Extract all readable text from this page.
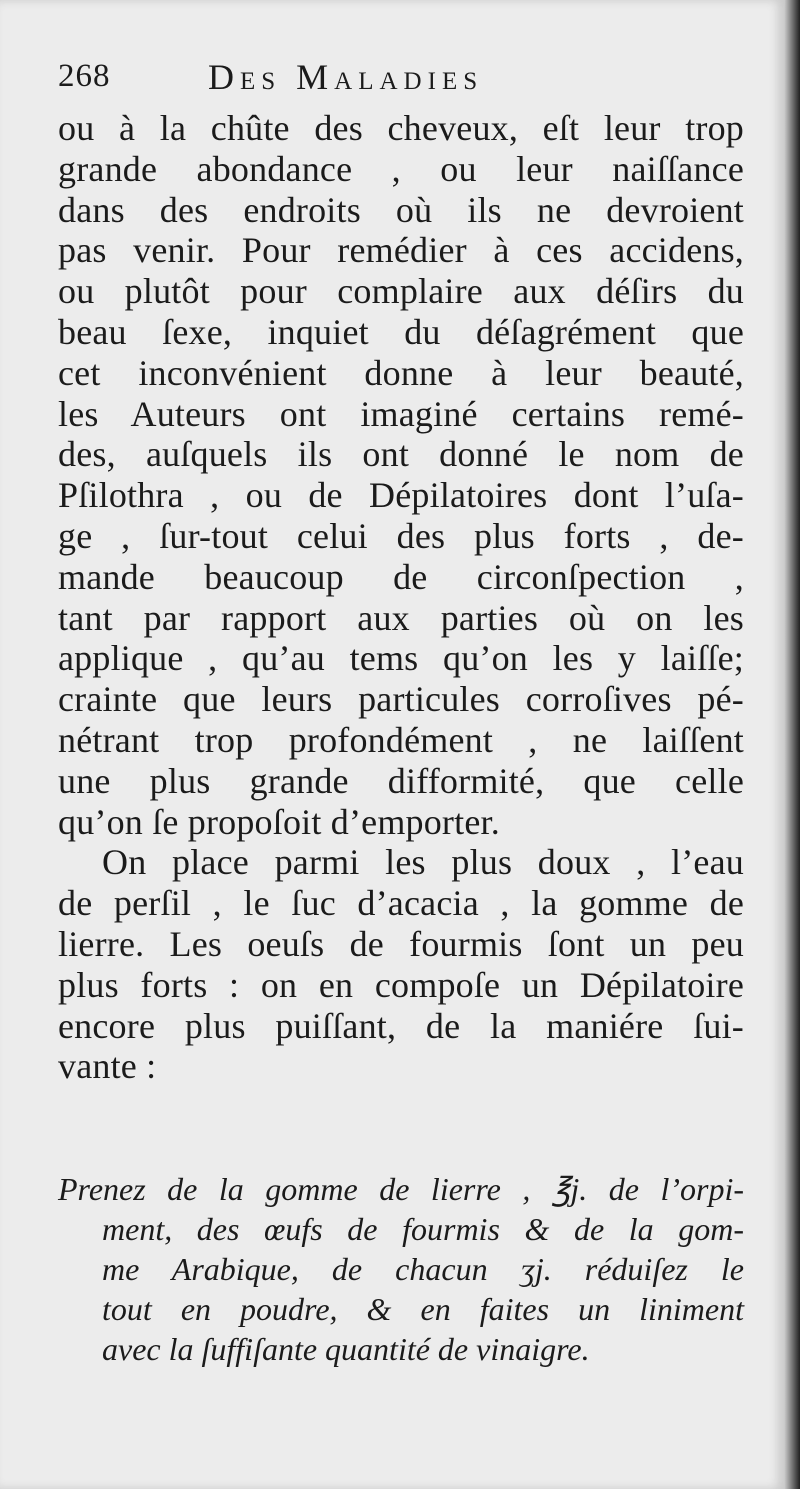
268	Des Maladies
ou à la chûte des cheveux, eſt leur trop
grande abondance , ou leur naiſſance
dans des endroits où ils ne devroient
pas venir. Pour remédier à ces accidens,
ou plutôt pour complaire aux déſirs du
beau ſexe, inquiet du déſagrément que
cet inconvénient donne à leur beauté,
les Auteurs ont imaginé certains remé-
des, auſquels ils ont donné le nom de
Pſilothra , ou de Dépilatoires dont l’uſa-
ge , ſur-tout celui des plus forts , de-
mande beaucoup de circonſpection ,
tant par rapport aux parties où on les
applique , qu’au tems qu’on les y laiſſe;
crainte que leurs particules corroſives pé-
nétrant trop profondément , ne laiſſent
une plus grande difformité, que celle
qu’on ſe propoſoit d’emporter.
On place parmi les plus doux , l’eau
de perſil , le ſuc d’acacia , la gomme de
lierre. Les oeuſs de fourmis ſont un peu
plus forts : on en compoſe un Dépilatoire
encore plus puiſſant, de la maniére ſui-
vante :
Prenez de la gomme de lierre , ℥j. de l’orpi-
ment, des œufs de fourmis & de la gom-
me Arabique, de chacun ʒj. réduiſez le
tout en poudre, & en faites un liniment
avec la ſuffiſante quantité de vinaigre.
